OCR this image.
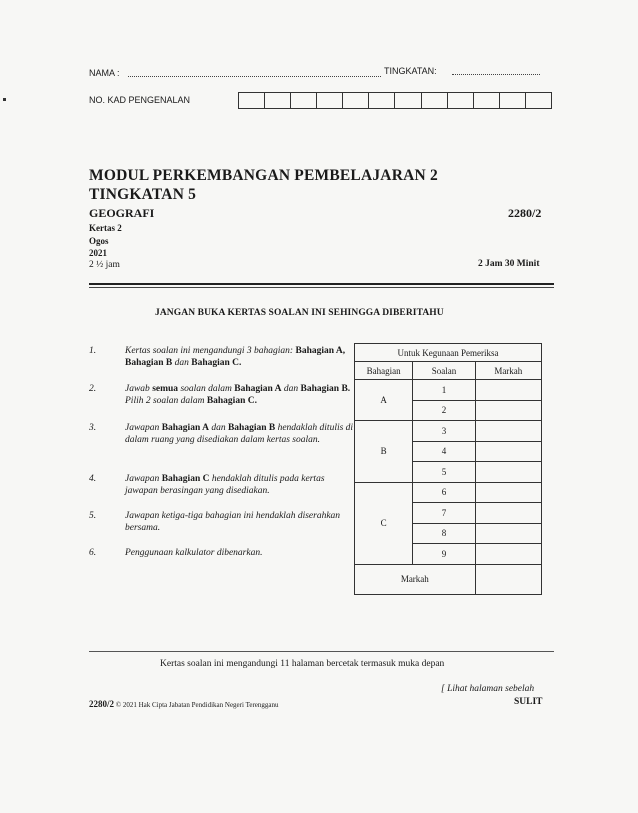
NAMA :	TINGKATAN:
NO. KAD PENGENALAN
MODUL PERKEMBANGAN PEMBELAJARAN 2
TINGKATAN 5
GEOGRAFI	2280/2
Kertas 2
Ogos
2021
2 ½ jam	2 Jam 30 Minit
JANGAN BUKA KERTAS SOALAN INI SEHINGGA DIBERITAHU
1.	Kertas soalan ini mengandungi 3 bahagian: Bahagian A, Bahagian B dan Bahagian C.
2.	Jawab semua soalan dalam Bahagian A dan Bahagian B. Pilih 2 soalan dalam Bahagian C.
3.	Jawapan Bahagian A dan Bahagian B hendaklah ditulis di dalam ruang yang disediakan dalam kertas soalan.
4.	Jawapan Bahagian C hendaklah ditulis pada kertas jawapan berasingan yang disediakan.
5.	Jawapan ketiga-tiga bahagian ini hendaklah diserahkan bersama.
6.	Penggunaan kalkulator dibenarkan.
Untuk Kegunaan Pemeriksa		
Bahagian	Soalan	Markah
A	1	
	2	
B	3	
	4	
	5	
C	6	
	7	
	8	
	9	
Markah		
Kertas soalan ini mengandungi 11 halaman bercetak termasuk muka depan
[ Lihat halaman sebelah
2280/2 © 2021 Hak Cipta Jabatan Pendidikan Negeri Terengganu	SULIT
